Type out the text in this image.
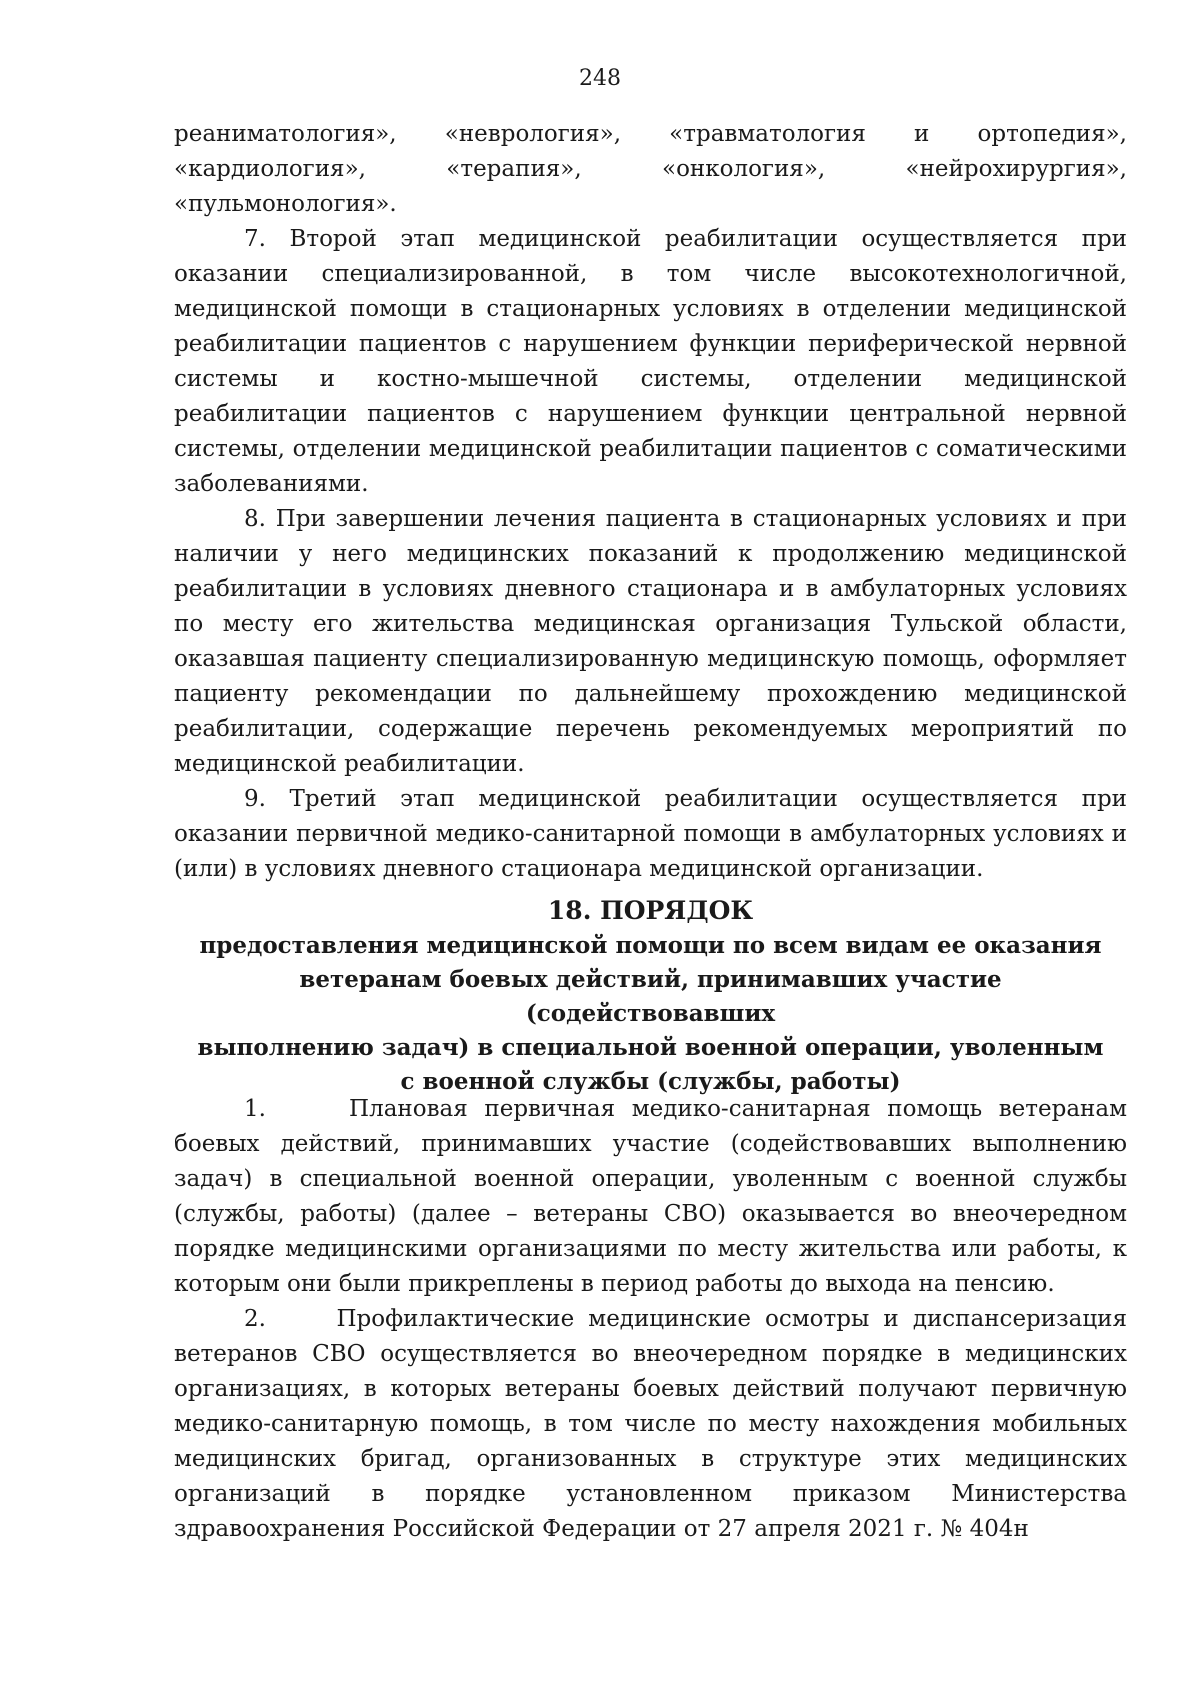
248

реаниматология», «неврология», «травматология и ортопедия», «кардиология», «терапия», «онкология», «нейрохирургия», «пульмонология».

7. Второй этап медицинской реабилитации осуществляется при оказании специализированной, в том числе высокотехнологичной, медицинской помощи в стационарных условиях в отделении медицинской реабилитации пациентов с нарушением функции периферической нервной системы и костно-мышечной системы, отделении медицинской реабилитации пациентов с нарушением функции центральной нервной системы, отделении медицинской реабилитации пациентов с соматическими заболеваниями.

8. При завершении лечения пациента в стационарных условиях и при наличии у него медицинских показаний к продолжению медицинской реабилитации в условиях дневного стационара и в амбулаторных условиях по месту его жительства медицинская организация Тульской области, оказавшая пациенту специализированную медицинскую помощь, оформляет пациенту рекомендации по дальнейшему прохождению медицинской реабилитации, содержащие перечень рекомендуемых мероприятий по медицинской реабилитации.

9. Третий этап медицинской реабилитации осуществляется при оказании первичной медико-санитарной помощи в амбулаторных условиях и (или) в условиях дневного стационара медицинской организации.

18. ПОРЯДОК
предоставления медицинской помощи по всем видам ее оказания
ветеранам боевых действий, принимавших участие (содействовавших
выполнению задач) в специальной военной операции, уволенным
с военной службы (службы, работы)

1.     Плановая первичная медико-санитарная помощь ветеранам боевых действий, принимавших участие (содействовавших выполнению задач) в специальной военной операции, уволенным с военной службы (службы, работы) (далее – ветераны СВО) оказывается во внеочередном порядке медицинскими организациями по месту жительства или работы, к которым они были прикреплены в период работы до выхода на пенсию.

2.     Профилактические медицинские осмотры и диспансеризация ветеранов СВО осуществляется во внеочередном порядке в медицинских организациях, в которых ветераны боевых действий получают первичную медико-санитарную помощь, в том числе по месту нахождения мобильных медицинских бригад, организованных в структуре этих медицинских организаций в порядке установленном приказом Министерства здравоохранения Российской Федерации от 27 апреля 2021 г. № 404н
